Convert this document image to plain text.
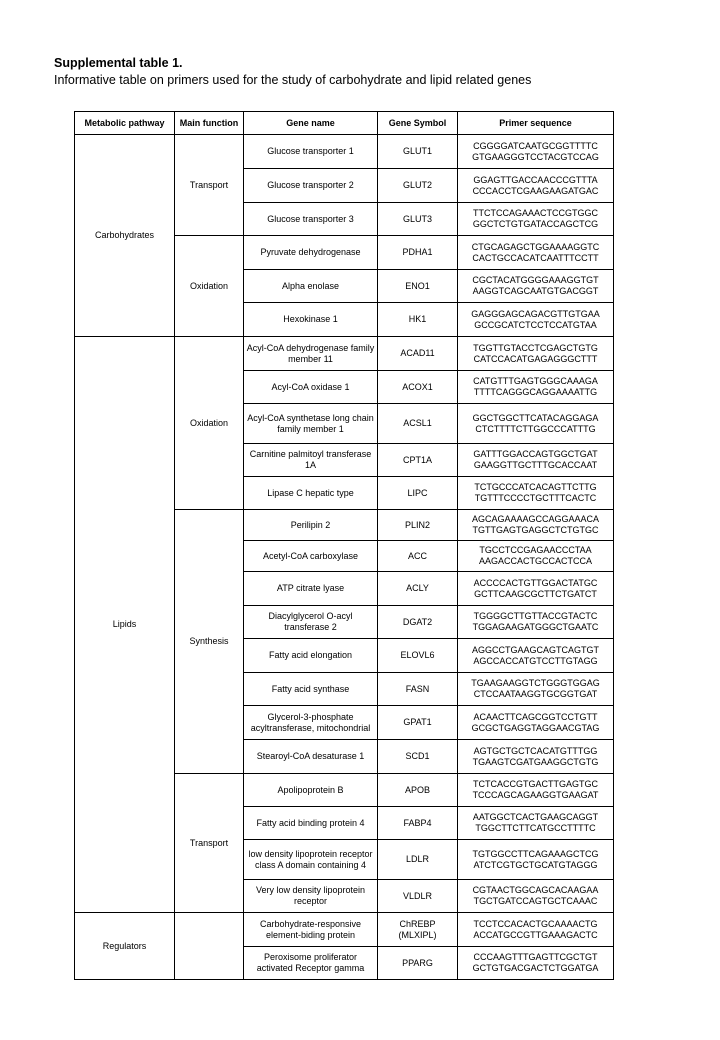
Supplemental table 1.
Informative table on primers used for the study of carbohydrate and lipid related genes
Metabolic pathway	Main function	Gene name	Gene Symbol	Primer sequence
Carbohydrates	Transport	Glucose transporter 1	GLUT1	CGGGGATCAATGCGGTTTTC
GTGAAGGGTCCTACGTCCAG

		Glucose transporter 2	GLUT2	GGAGTTGACCAACCCGTTTA
CCCACCTCGAAGAAGATGAC

		Glucose transporter 3	GLUT3	TTCTCCAGAAACTCCGTGGC
GGCTCTGTGATACCAGCTCG

	Oxidation	Pyruvate dehydrogenase	PDHA1	CTGCAGAGCTGGAAAAGGTC
CACTGCCACATCAATTTCCTT

		Alpha enolase	ENO1	CGCTACATGGGGAAAGGTGT
AAGGTCAGCAATGTGACGGT

		Hexokinase 1	HK1	GAGGGAGCAGACGTTGTGAA
GCCGCATCTCCTCCATGTAA

Lipids	Oxidation	Acyl-CoA dehydrogenase family member 11	ACAD11	TGGTTGTACCTCGAGCTGTG
CATCCACATGAGAGGGCTTT

		Acyl-CoA oxidase 1	ACOX1	CATGTTTGAGTGGGCAAAGA
TTTTCAGGGCAGGAAAATTG

		Acyl-CoA synthetase long chain family member 1	ACSL1	GGCTGGCTTCATACAGGAGA
CTCTTTTCTTGGCCCATTTG

		Carnitine palmitoyl transferase 1A	CPT1A	GATTTGGACCAGTGGCTGAT
GAAGGTTGCTTTGCACCAAT

		Lipase C hepatic type	LIPC	TCTGCCCATCACAGTTCTTG
TGTTTCCCCTGCTTTCACTC

	Synthesis	Perilipin 2	PLIN2	AGCAGAAAAGCCAGGAAACA
TGTTGAGTGAGGCTCTGTGC

		Acetyl-CoA carboxylase	ACC	TGCCTCCGAGAACCCTAA
AAGACCACTGCCACTCCA

		ATP citrate lyase	ACLY	ACCCCACTGTTGGACTATGC
GCTTCAAGCGCTTCTGATCT

		Diacylglycerol O-acyl transferase 2	DGAT2	TGGGGCTTGTTACCGTACTC
TGGAGAAGATGGGCTGAATC

		Fatty acid elongation	ELOVL6	AGGCCTGAAGCAGTCAGTGT
AGCCACCATGTCCTTGTAGG

		Fatty acid synthase	FASN	TGAAGAAGGTCTGGGTGGAG
CTCCAATAAGGTGCGGTGAT

		Glycerol-3-phosphate acyltransferase, mitochondrial	GPAT1	ACAACTTCAGCGGTCCTGTT
GCGCTGAGGTAGGAACGTAG

		Stearoyl-CoA desaturase 1	SCD1	AGTGCTGCTCACATGTTTGG
TGAAGTCGATGAAGGCTGTG

	Transport	Apolipoprotein B	APOB	TCTCACCGTGACTTGAGTGC
TCCCAGCAGAAGGTGAAGAT

		Fatty acid binding protein 4	FABP4	AATGGCTCACTGAAGCAGGT
TGGCTTCTTCATGCCTTTTC

		low density lipoprotein receptor class A domain containing 4	LDLR	TGTGGCCTTCAGAAAGCTCG
ATCTCGTGCTGCATGTAGGG

		Very low density lipoprotein receptor	VLDLR	CGTAACTGGCAGCACAAGAA
TGCTGATCCAGTGCTCAAAC

Regulators		Carbohydrate-responsive element-biding protein	ChREBP (MLXIPL)	TCCTCCACACTGCAAAACTG
ACCATGCCGTTGAAAGACTC

		Peroxisome proliferator activated Receptor gamma	PPARG	CCCAAGTTTGAGTTCGCTGT
GCTGTGACGACTCTGGATGA
